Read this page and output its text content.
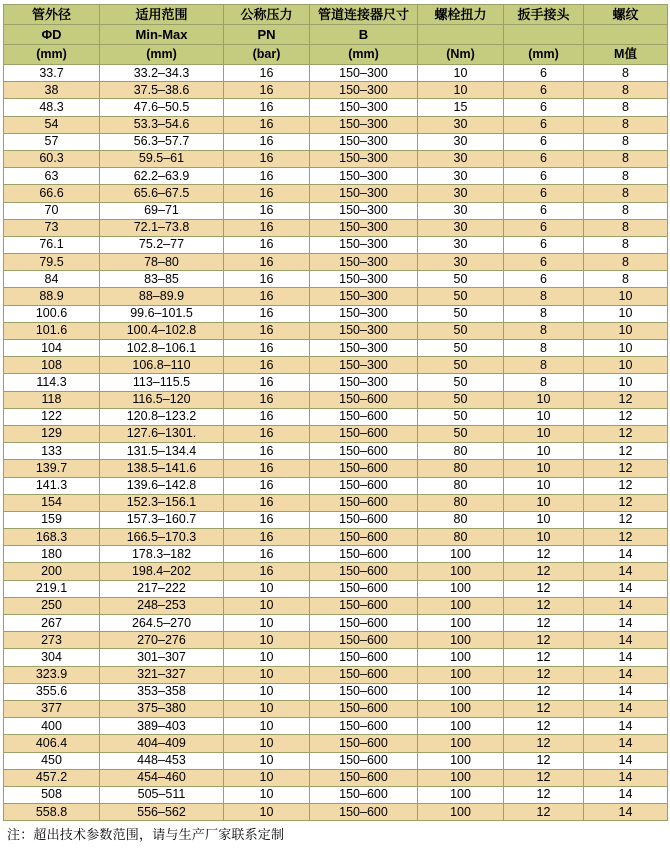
管外径	适用范围	公称压力	管道连接器尺寸	螺栓扭力	扳手接头	螺纹
ΦD	Min-Max	PN	B			
(mm)	(mm)	(bar)	(mm)	(Nm)	(mm)	M值
33.7	33.2–34.3	16	150–300	10	6	8
38	37.5–38.6	16	150–300	10	6	8
48.3	47.6–50.5	16	150–300	15	6	8
54	53.3–54.6	16	150–300	30	6	8
57	56.3–57.7	16	150–300	30	6	8
60.3	59.5–61	16	150–300	30	6	8
63	62.2–63.9	16	150–300	30	6	8
66.6	65.6–67.5	16	150–300	30	6	8
70	69–71	16	150–300	30	6	8
73	72.1–73.8	16	150–300	30	6	8
76.1	75.2–77	16	150–300	30	6	8
79.5	78–80	16	150–300	30	6	8
84	83–85	16	150–300	50	6	8
88.9	88–89.9	16	150–300	50	8	10
100.6	99.6–101.5	16	150–300	50	8	10
101.6	100.4–102.8	16	150–300	50	8	10
104	102.8–106.1	16	150–300	50	8	10
108	106.8–110	16	150–300	50	8	10
114.3	113–115.5	16	150–300	50	8	10
118	116.5–120	16	150–600	50	10	12
122	120.8–123.2	16	150–600	50	10	12
129	127.6–1301.	16	150–600	50	10	12
133	131.5–134.4	16	150–600	80	10	12
139.7	138.5–141.6	16	150–600	80	10	12
141.3	139.6–142.8	16	150–600	80	10	12
154	152.3–156.1	16	150–600	80	10	12
159	157.3–160.7	16	150–600	80	10	12
168.3	166.5–170.3	16	150–600	80	10	12
180	178.3–182	16	150–600	100	12	14
200	198.4–202	16	150–600	100	12	14
219.1	217–222	10	150–600	100	12	14
250	248–253	10	150–600	100	12	14
267	264.5–270	10	150–600	100	12	14
273	270–276	10	150–600	100	12	14
304	301–307	10	150–600	100	12	14
323.9	321–327	10	150–600	100	12	14
355.6	353–358	10	150–600	100	12	14
377	375–380	10	150–600	100	12	14
400	389–403	10	150–600	100	12	14
406.4	404–409	10	150–600	100	12	14
450	448–453	10	150–600	100	12	14
457.2	454–460	10	150–600	100	12	14
508	505–511	10	150–600	100	12	14
558.8	556–562	10	150–600	100	12	14
注：超出技术参数范围，请与生产厂家联系定制
